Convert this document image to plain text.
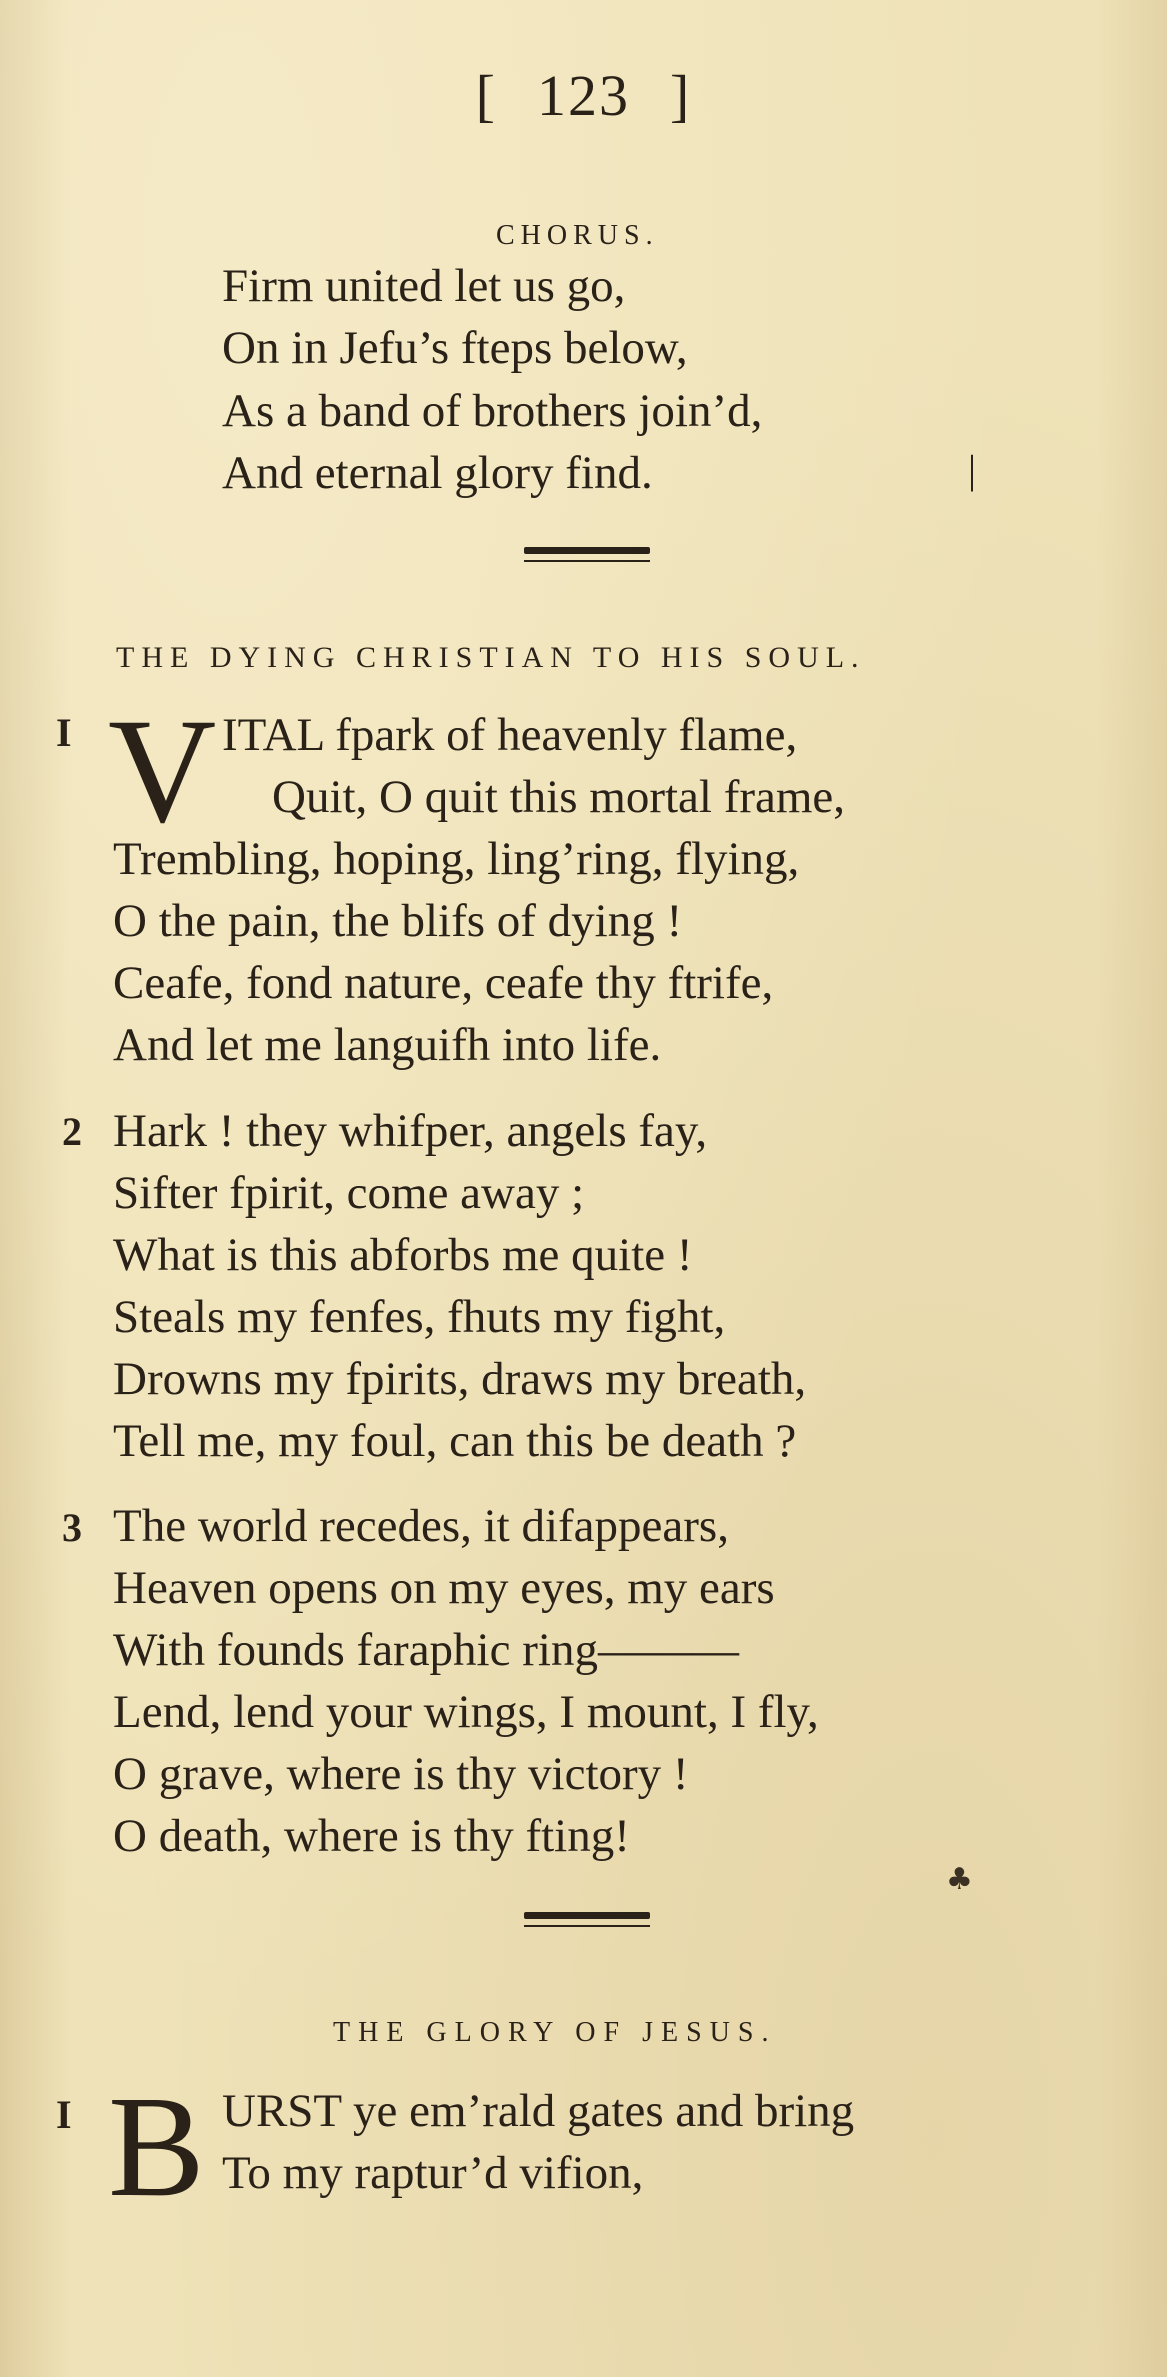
[ 123 ]
CHORUS.
Firm united let us go,
On in Jefu’s fteps below,
As a band of brothers join’d,
And eternal glory find.	|
THE DYING CHRISTIAN TO HIS SOUL.
I V ITAL fpark of heavenly flame,
Quit, O quit this mortal frame,
Trembling, hoping, ling’ring, flying,
O the pain, the blifs of dying !
Ceafe, fond nature, ceafe thy ftrife,
And let me languifh into life.
2 Hark ! they whifper, angels fay,
Sifter fpirit, come away ;
What is this abforbs me quite !
Steals my fenfes, fhuts my fight,
Drowns my fpirits, draws my breath,
Tell me, my foul, can this be death ?
3 The world recedes, it difappears,
Heaven opens on my eyes, my ears
With founds faraphic ring———
Lend, lend your wings, I mount, I fly,
O grave, where is thy victory !
O death, where is thy fting!
♣
THE GLORY OF JESUS.
I B URST ye em’rald gates and bring
To my raptur’d vifion,
